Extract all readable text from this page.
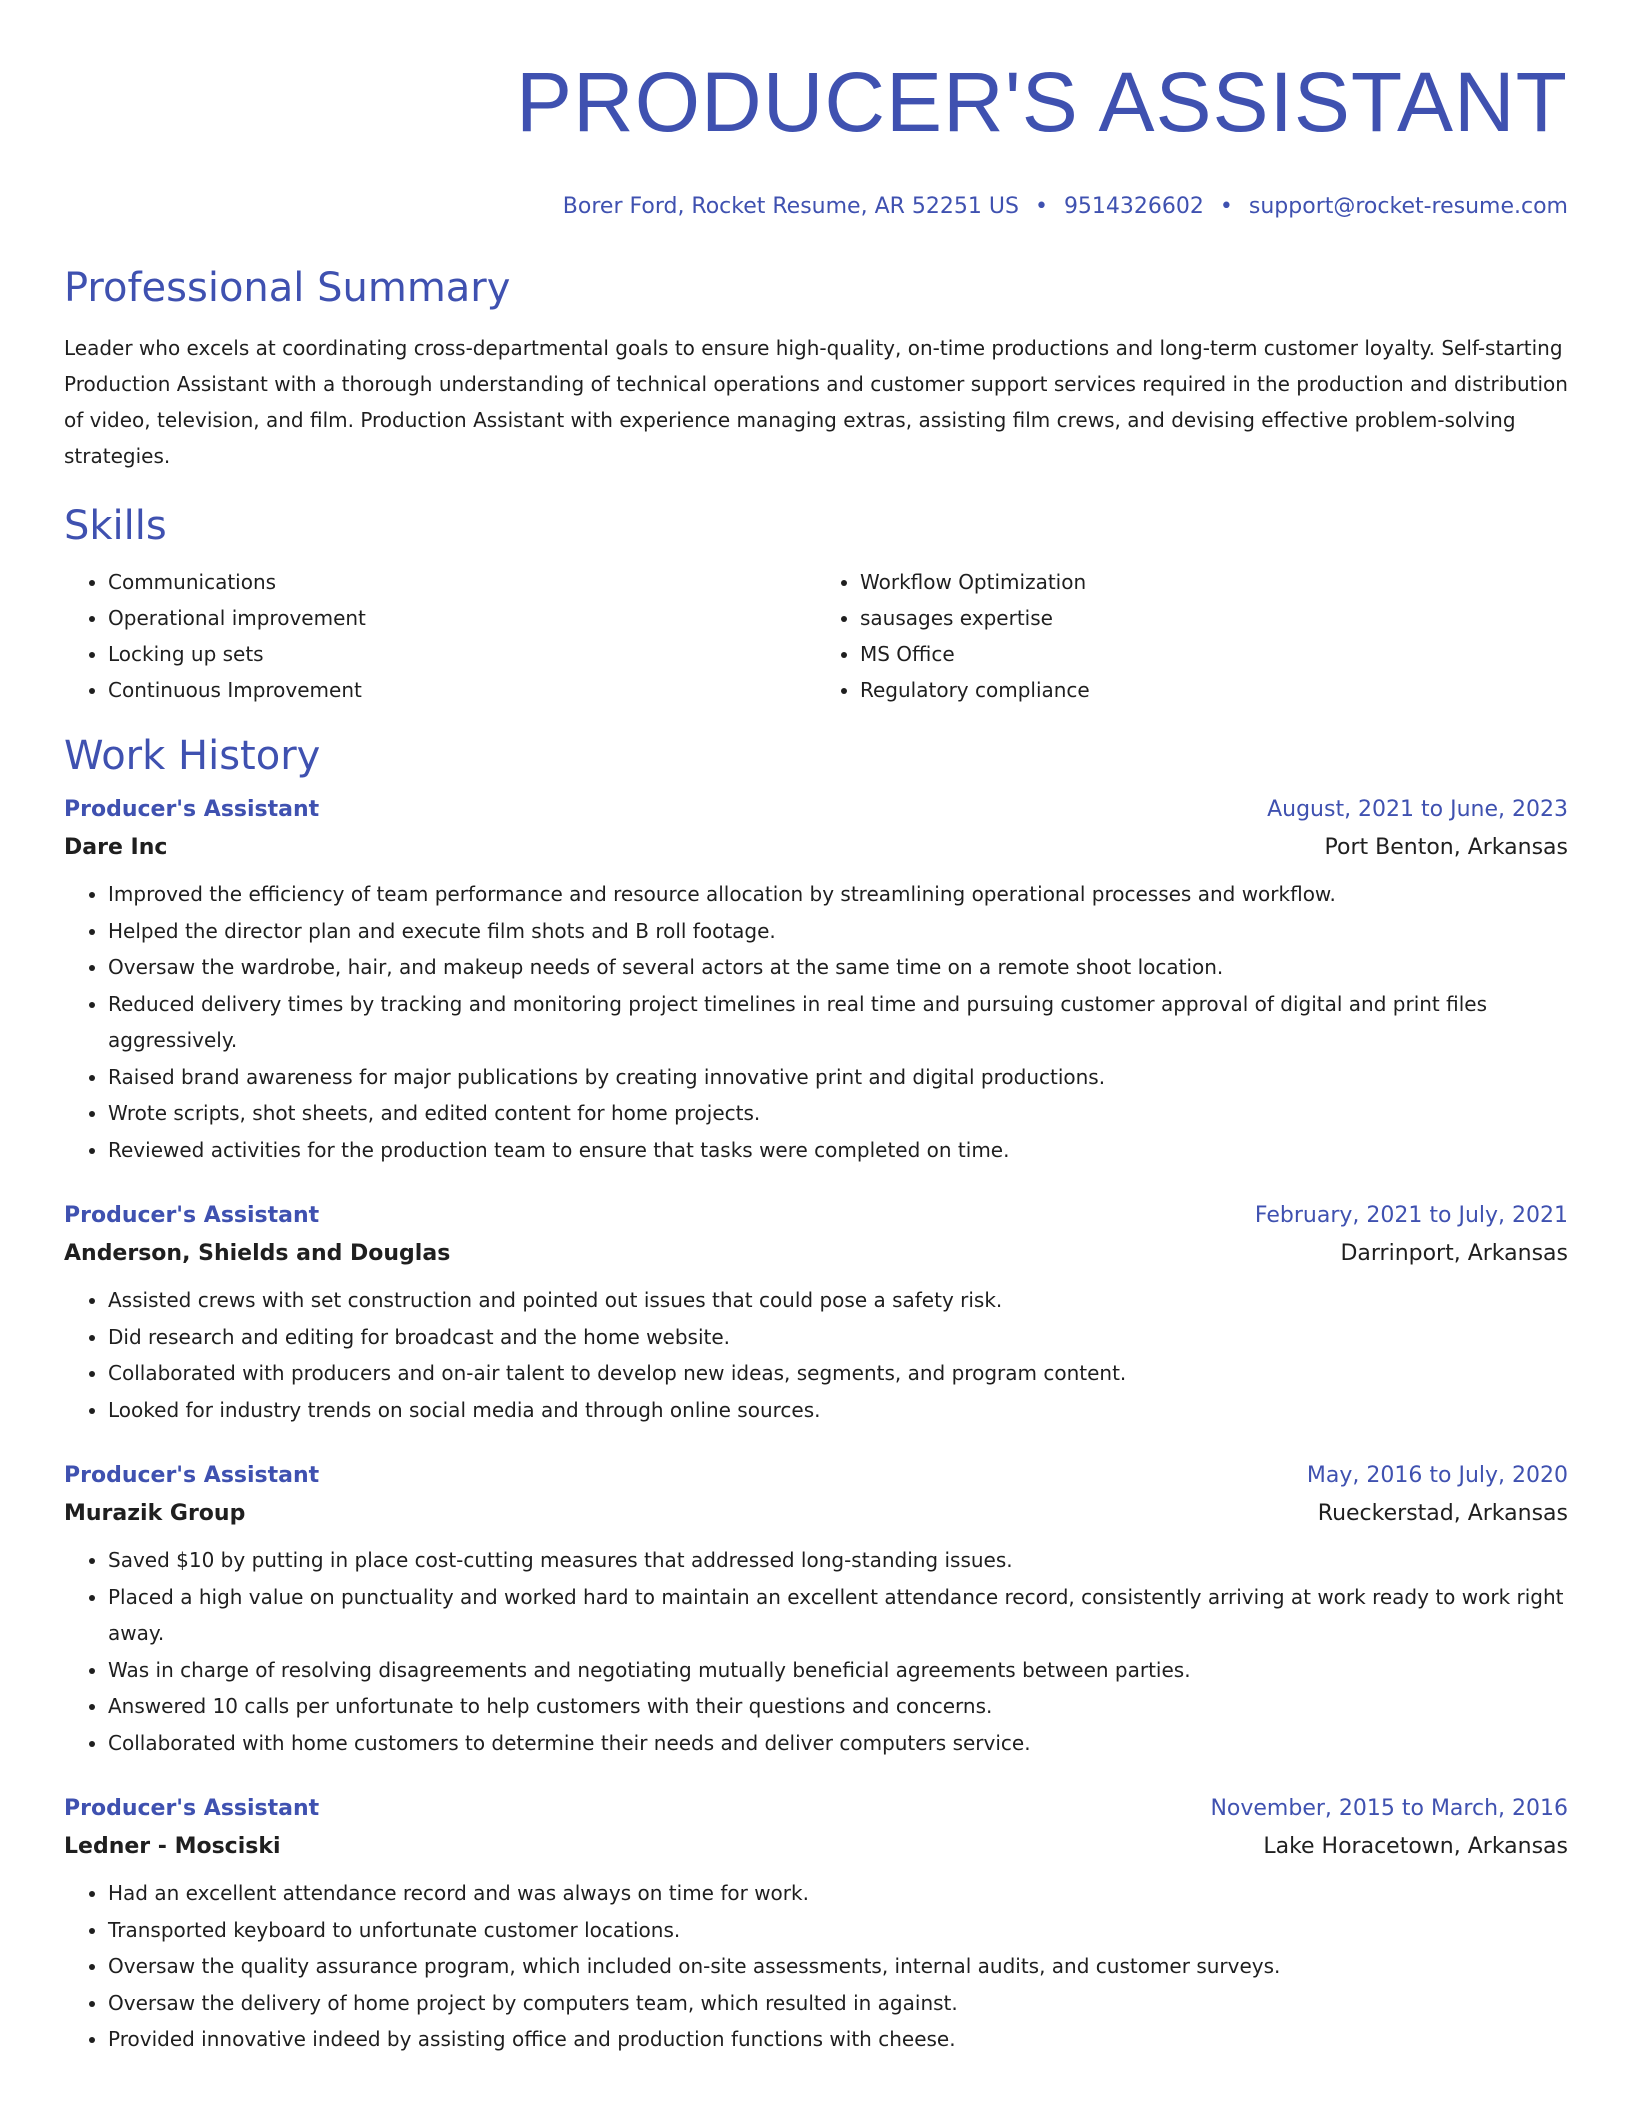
PRODUCER'S ASSISTANT
Borer Ford, Rocket Resume, AR 52251 US • 9514326602 • support@rocket-resume.com
Professional Summary
Leader who excels at coordinating cross-departmental goals to ensure high-quality, on-time productions and long-term customer loyalty. Self-starting Production Assistant with a thorough understanding of technical operations and customer support services required in the production and distribution of video, television, and film. Production Assistant with experience managing extras, assisting film crews, and devising effective problem-solving strategies.
Skills
• Communications
• Operational improvement
• Locking up sets
• Continuous Improvement
• Workflow Optimization
• sausages expertise
• MS Office
• Regulatory compliance
Work History
Producer's Assistant	August, 2021 to June, 2023
Dare Inc	Port Benton, Arkansas
• Improved the efficiency of team performance and resource allocation by streamlining operational processes and workflow.
• Helped the director plan and execute film shots and B roll footage.
• Oversaw the wardrobe, hair, and makeup needs of several actors at the same time on a remote shoot location.
• Reduced delivery times by tracking and monitoring project timelines in real time and pursuing customer approval of digital and print files aggressively.
• Raised brand awareness for major publications by creating innovative print and digital productions.
• Wrote scripts, shot sheets, and edited content for home projects.
• Reviewed activities for the production team to ensure that tasks were completed on time.
Producer's Assistant	February, 2021 to July, 2021
Anderson, Shields and Douglas	Darrinport, Arkansas
• Assisted crews with set construction and pointed out issues that could pose a safety risk.
• Did research and editing for broadcast and the home website.
• Collaborated with producers and on-air talent to develop new ideas, segments, and program content.
• Looked for industry trends on social media and through online sources.
Producer's Assistant	May, 2016 to July, 2020
Murazik Group	Rueckerstad, Arkansas
• Saved $10 by putting in place cost-cutting measures that addressed long-standing issues.
• Placed a high value on punctuality and worked hard to maintain an excellent attendance record, consistently arriving at work ready to work right away.
• Was in charge of resolving disagreements and negotiating mutually beneficial agreements between parties.
• Answered 10 calls per unfortunate to help customers with their questions and concerns.
• Collaborated with home customers to determine their needs and deliver computers service.
Producer's Assistant	November, 2015 to March, 2016
Ledner - Mosciski	Lake Horacetown, Arkansas
• Had an excellent attendance record and was always on time for work.
• Transported keyboard to unfortunate customer locations.
• Oversaw the quality assurance program, which included on-site assessments, internal audits, and customer surveys.
• Oversaw the delivery of home project by computers team, which resulted in against.
• Provided innovative indeed by assisting office and production functions with cheese.
